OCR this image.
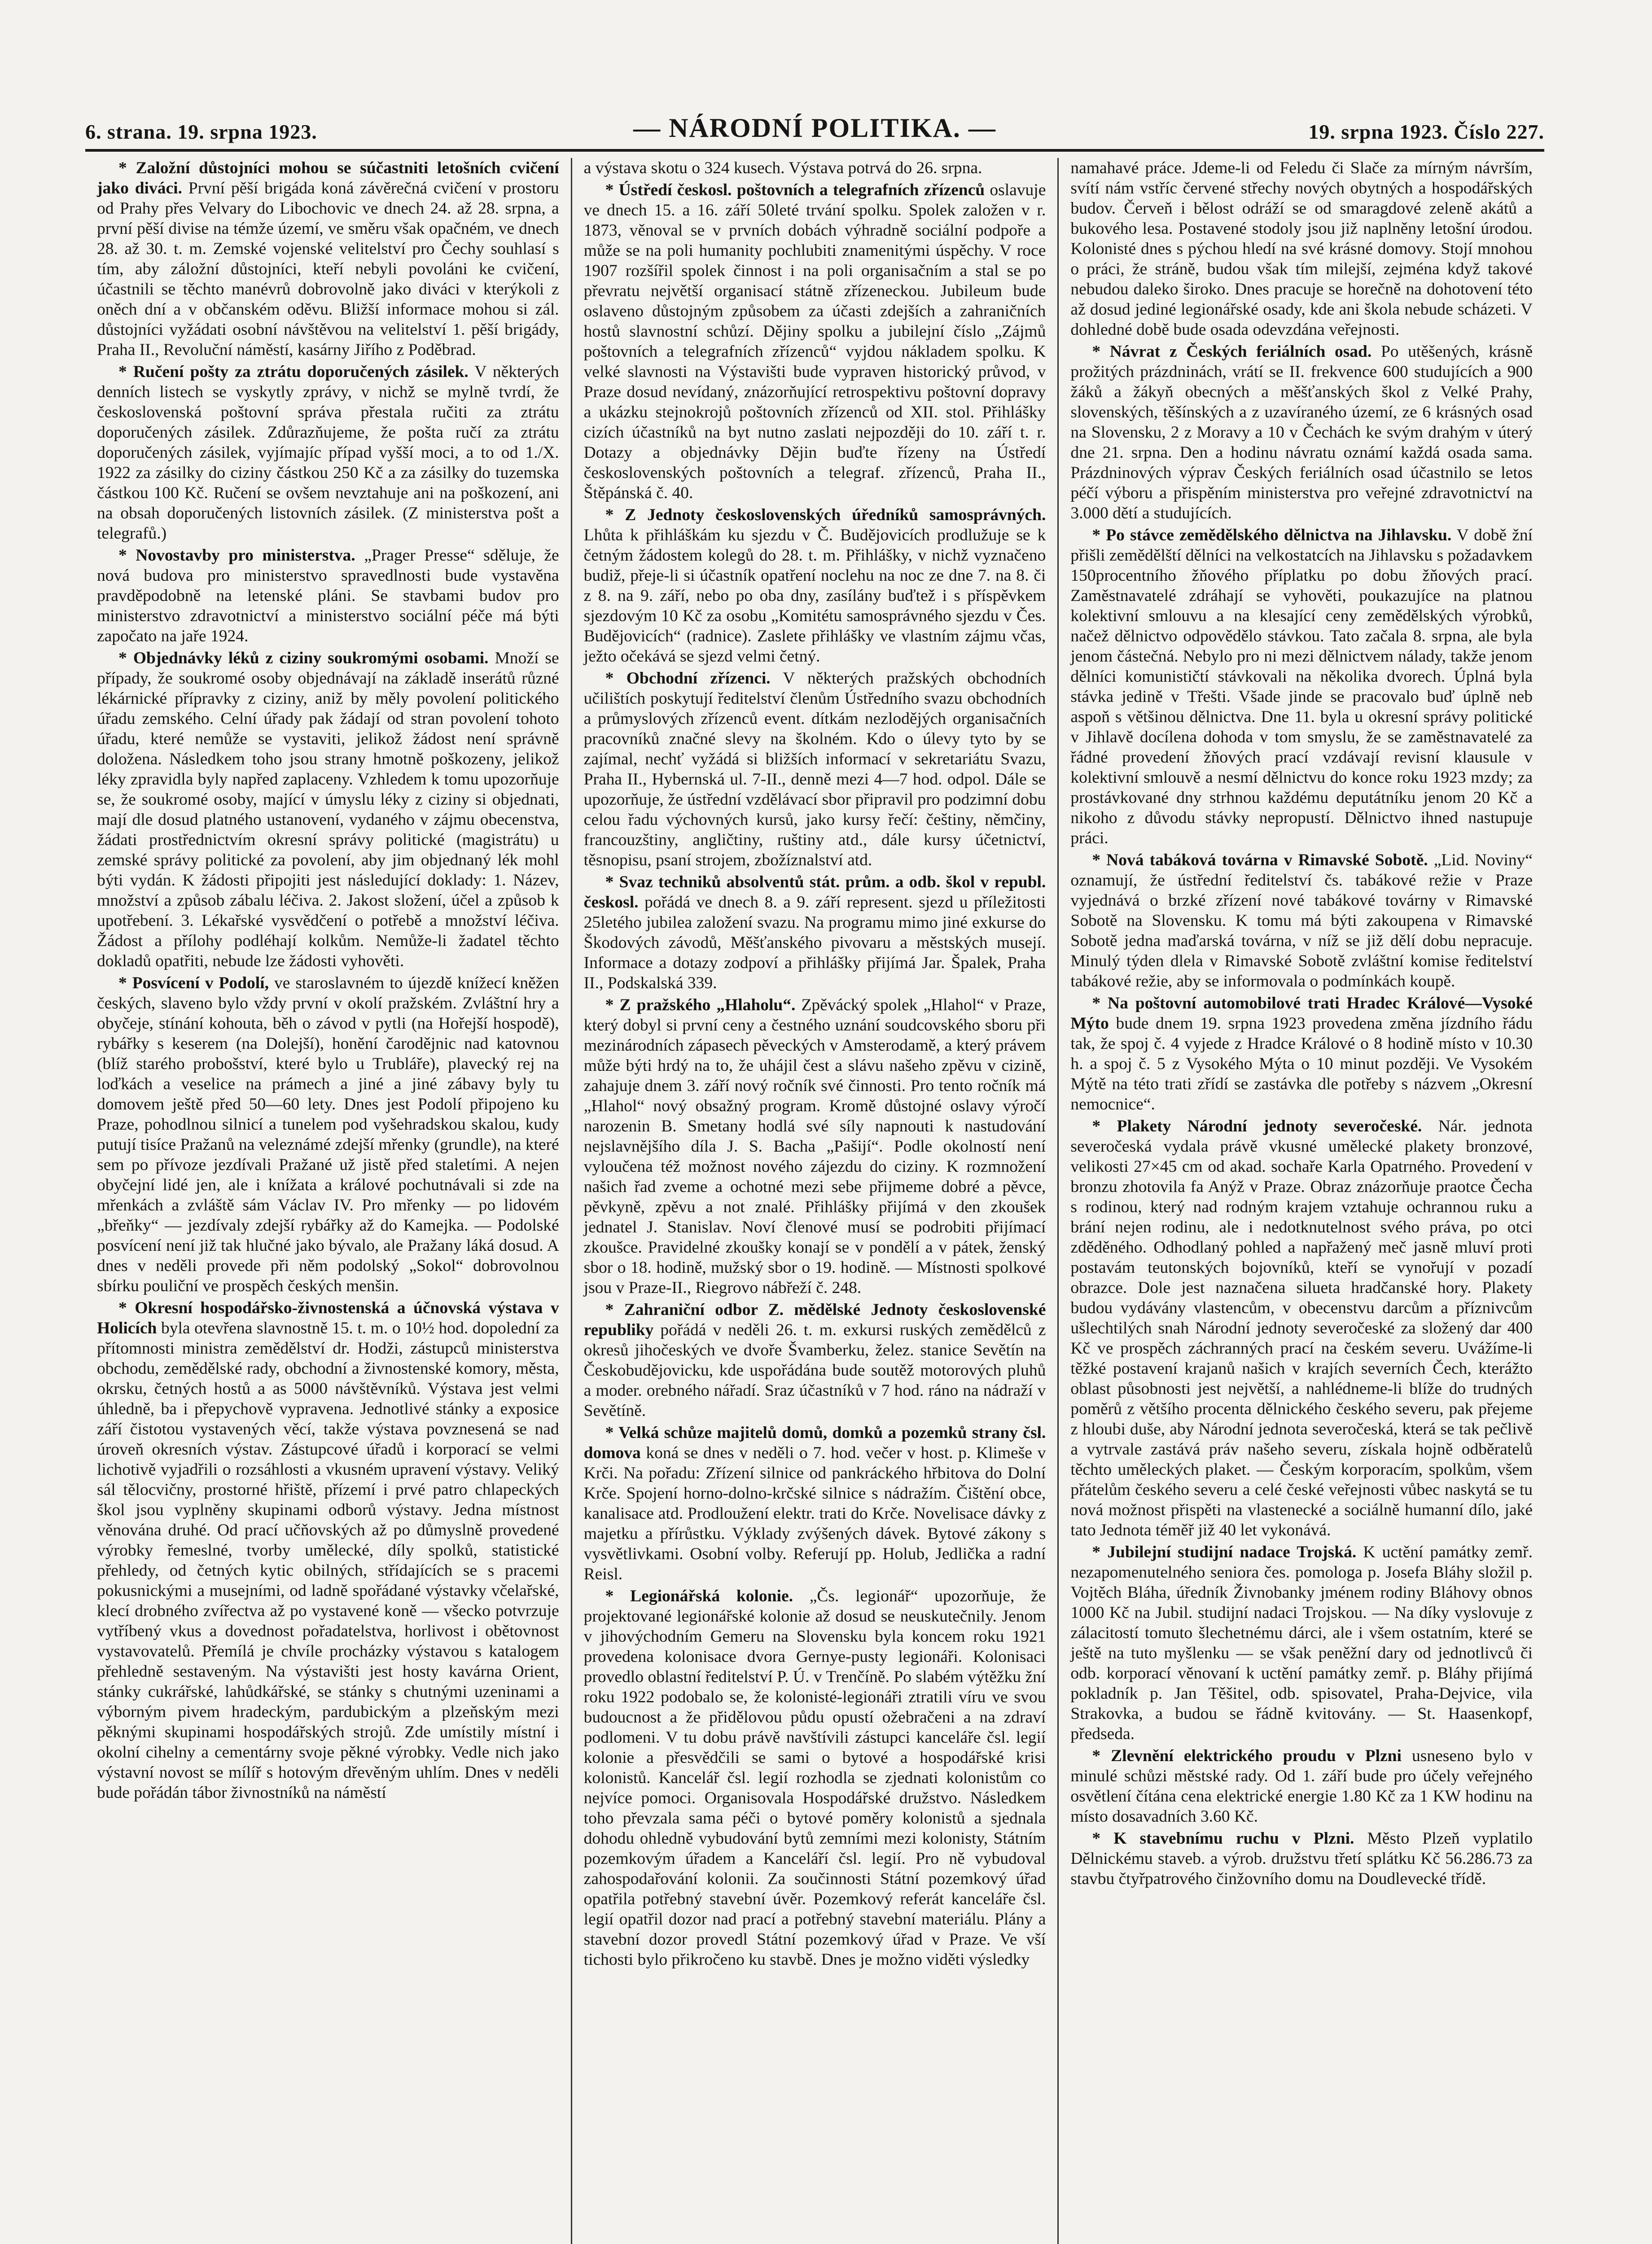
6. strana. 19. srpna 1923.	— NÁRODNÍ POLITIKA. —	19. srpna 1923. Číslo 227.

* Založní důstojníci mohou se súčastniti letošních cvičení jako diváci. První pěší brigáda koná závěrečná cvičení v prostoru od Prahy přes Velvary do Libochovic ve dnech 24. až 28. srpna, a první pěší divise na témže území, ve směru však opačném, ve dnech 28. až 30. t. m. Zemské vojenské velitelství pro Čechy souhlasí s tím, aby záložní důstojníci, kteří nebyli povoláni ke cvičení, účastnili se těchto manévrů dobrovolně jako diváci v kterýkoli z oněch dní a v občanském oděvu. Bližší informace mohou si zál. důstojníci vyžádati osobní návštěvou na velitelství 1. pěší brigády, Praha II., Revoluční náměstí, kasárny Jiřího z Poděbrad.

* Ručení pošty za ztrátu doporučených zásilek. V některých denních listech se vyskytly zprávy, v nichž se mylně tvrdí, že československá poštovní správa přestala ručiti za ztrátu doporučených zásilek. Zdůrazňujeme, že pošta ručí za ztrátu doporučených zásilek, vyjímajíc případ vyšší moci, a to od 1./X. 1922 za zásilky do ciziny částkou 250 Kč a za zásilky do tuzemska částkou 100 Kč. Ručení se ovšem nevztahuje ani na poškození, ani na obsah doporučených listovních zásilek. (Z ministerstva pošt a telegrafů.)

* Novostavby pro ministerstva. „Prager Presse“ sděluje, že nová budova pro ministerstvo spravedlnosti bude vystavěna pravděpodobně na letenské pláni. Se stavbami budov pro ministerstvo zdravotnictví a ministerstvo sociální péče má býti započato na jaře 1924.

* Objednávky léků z ciziny soukromými osobami. Množí se případy, že soukromé osoby objednávají na základě inserátů různé lékárnické přípravky z ciziny, aniž by měly povolení politického úřadu zemského. Celní úřady pak žádají od stran povolení tohoto úřadu, které nemůže se vystaviti, jelikož žádost není správně doložena. Následkem toho jsou strany hmotně poškozeny, jelikož léky zpravidla byly napřed zaplaceny. Vzhledem k tomu upozorňuje se, že soukromé osoby, mající v úmyslu léky z ciziny si objednati, mají dle dosud platného ustanovení, vydaného v zájmu obecenstva, žádati prostřednictvím okresní správy politické (magistrátu) u zemské správy politické za povolení, aby jim objednaný lék mohl býti vydán. K žádosti připojiti jest následující doklady: 1. Název, množství a způsob zábalu léčiva. 2. Jakost složení, účel a způsob k upotřebení. 3. Lékařské vysvědčení o potřebě a množství léčiva. Žádost a přílohy podléhají kolkům. Nemůže-li žadatel těchto dokladů opatřiti, nebude lze žádosti vyhověti.

* Posvícení v Podolí, ve staroslavném to újezdě knížecí kněžen českých, slaveno bylo vždy první v okolí pražském. Zvláštní hry a obyčeje, stínání kohouta, běh o závod v pytli (na Hořejší hospodě), rybářky s keserem (na Dolejší), honění čarodějnic nad katovnou (blíž starého probošství, které bylo u Trubláře), plavecký rej na loďkách a veselice na prámech a jiné a jiné zábavy byly tu domovem ještě před 50—60 lety. Dnes jest Podolí připojeno ku Praze, pohodlnou silnicí a tunelem pod vyšehradskou skalou, kudy putují tisíce Pražanů na veleznámé zdejší mřenky (grundle), na které sem po přívoze jezdívali Pražané už jistě před staletími. A nejen obyčejní lidé jen, ale i knížata a králové pochutnávali si zde na mřenkách a zvláště sám Václav IV. Pro mřenky — po lidovém „břeňky“ — jezdívaly zdejší rybářky až do Kamejka. — Podolské posvícení není již tak hlučné jako bývalo, ale Pražany láká dosud. A dnes v neděli provede při něm podolský „Sokol“ dobrovolnou sbírku pouliční ve prospěch českých menšin.

* Okresní hospodářsko-živnostenská a účnovská výstava v Holicích byla otevřena slavnostně 15. t. m. o 10½ hod. dopolední za přítomnosti ministra zemědělství dr. Hodži, zástupců ministerstva obchodu, zemědělské rady, obchodní a živnostenské komory, města, okrsku, četných hostů a as 5000 návštěvníků. Výstava jest velmi úhledně, ba i přepychově vypravena. Jednotlivé stánky a exposice září čistotou vystavených věcí, takže výstava povznesená se nad úroveň okresních výstav. Zástupcové úřadů i korporací se velmi lichotivě vyjadřili o rozsáhlosti a vkusném upravení výstavy. Veliký sál tělocvičny, prostorné hřiště, přízemí i prvé patro chlapeckých škol jsou vyplněny skupinami odborů výstavy. Jedna místnost věnována druhé. Od prací učňovských až po důmyslně provedené výrobky řemeslné, tvorby umělecké, díly spolků, statistické přehledy, od četných kytic obilných, střídajících se s pracemi pokusnickými a musejními, od ladně spořádané výstavky včelařské, klecí drobného zvířectva až po vystavené koně — všecko potvrzuje vytříbený vkus a dovednost pořadatelstva, horlivost i obětovnost vystavovatelů. Přemílá je chvíle procházky výstavou s katalogem přehledně sestaveným. Na výstavišti jest hosty kavárna Orient, stánky cukrářské, lahůdkářské, se stánky s chutnými uzeninami a výborným pivem hradeckým, pardubickým a plzeňským mezi pěknými skupinami hospodářských strojů. Zde umístily místní i okolní cihelny a cementárny svoje pěkné výrobky. Vedle nich jako výstavní novost se mílíř s hotovým dřevěným uhlím. Dnes v neděli bude pořádán tábor živnostníků na náměstí

a výstava skotu o 324 kusech. Výstava potrvá do 26. srpna.

* Ústředí českosl. poštovních a telegrafních zřízenců oslavuje ve dnech 15. a 16. září 50leté trvání spolku. Spolek založen v r. 1873, věnoval se v prvních dobách výhradně sociální podpoře a může se na poli humanity pochlubiti znamenitými úspěchy. V roce 1907 rozšířil spolek činnost i na poli organisačním a stal se po převratu největší organisací státně zřízeneckou. Jubileum bude oslaveno důstojným způsobem za účasti zdejších a zahraničních hostů slavnostní schůzí. Dějiny spolku a jubilejní číslo „Zájmů poštovních a telegrafních zřízenců“ vyjdou nákladem spolku. K velké slavnosti na Výstavišti bude vypraven historický průvod, v Praze dosud nevídaný, znázorňující retrospektivu poštovní dopravy a ukázku stejnokrojů poštovních zřízenců od XII. stol. Přihlášky cizích účastníků na byt nutno zaslati nejpozději do 10. září t. r. Dotazy a objednávky Dějin buďte řízeny na Ústředí československých poštovních a telegraf. zřízenců, Praha II., Štěpánská č. 40.

* Z Jednoty československých úředníků samosprávných. Lhůta k přihláškám ku sjezdu v Č. Budějovicích prodlužuje se k četným žádostem kolegů do 28. t. m. Přihlášky, v nichž vyznačeno budiž, přeje-li si účastník opatření noclehu na noc ze dne 7. na 8. či z 8. na 9. září, nebo po oba dny, zasílány buďtež i s příspěvkem sjezdovým 10 Kč za osobu „Komitétu samosprávného sjezdu v Čes. Budějovicích“ (radnice). Zaslete přihlášky ve vlastním zájmu včas, ježto očekává se sjezd velmi četný.

* Obchodní zřízenci. V některých pražských obchodních učilištích poskytují ředitelství členům Ústředního svazu obchodních a průmyslových zřízenců event. dítkám nezlodějých organisačních pracovníků značné slevy na školném. Kdo o úlevy tyto by se zajímal, nechť vyžádá si bližších informací v sekretariátu Svazu, Praha II., Hybernská ul. 7-II., denně mezi 4—7 hod. odpol. Dále se upozorňuje, že ústřední vzdělávací sbor připravil pro podzimní dobu celou řadu výchovných kursů, jako kursy řečí: češtiny, němčiny, francouzštiny, angličtiny, ruštiny atd., dále kursy účetnictví, těsnopisu, psaní strojem, zbožíznalství atd.

* Svaz techniků absolventů stát. prům. a odb. škol v republ. českosl. pořádá ve dnech 8. a 9. září represent. sjezd u příležitosti 25letého jubilea založení svazu. Na programu mimo jiné exkurse do Škodových závodů, Měšťanského pivovaru a městských musejí. Informace a dotazy zodpoví a přihlášky přijímá Jar. Špalek, Praha II., Podskalská 339.

* Z pražského „Hlaholu“. Zpěvácký spolek „Hlahol“ v Praze, který dobyl si první ceny a čestného uznání soudcovského sboru při mezinárodních zápasech pěveckých v Amsterodamě, a který právem může býti hrdý na to, že uhájil čest a slávu našeho zpěvu v cizině, zahajuje dnem 3. září nový ročník své činnosti. Pro tento ročník má „Hlahol“ nový obsažný program. Kromě důstojné oslavy výročí narozenin B. Smetany hodlá své síly napnouti k nastudování nejslavnějšího díla J. S. Bacha „Pašijí“. Podle okolností není vyloučena též možnost nového zájezdu do ciziny. K rozmnožení našich řad zveme a ochotné mezi sebe přijmeme dobré a pěvce, pěvkyně, zpěvu a not znalé. Přihlášky přijímá v den zkoušek jednatel J. Stanislav. Noví členové musí se podrobiti přijímací zkoušce. Pravidelné zkoušky konají se v pondělí a v pátek, ženský sbor o 18. hodině, mužský sbor o 19. hodině. — Místnosti spolkové jsou v Praze-II., Riegrovo nábřeží č. 248.

* Zahraniční odbor Z. mědělské Jednoty československé republiky pořádá v neděli 26. t. m. exkursi ruských zemědělců z okresů jihočeských ve dvoře Švamberku, želez. stanice Sevětín na Českobudějovicku, kde uspořádána bude soutěž motorových pluhů a moder. orebného nářadí. Sraz účastníků v 7 hod. ráno na nádraží v Sevětíně.

* Velká schůze majitelů domů, domků a pozemků strany čsl. domova koná se dnes v neděli o 7. hod. večer v host. p. Klimeše v Krči. Na pořadu: Zřízení silnice od pankráckého hřbitova do Dolní Krče. Spojení horno-dolno-krčské silnice s nádražím. Čištění obce, kanalisace atd. Prodloužení elektr. trati do Krče. Novelisace dávky z majetku a přírůstku. Výklady zvýšených dávek. Bytové zákony s vysvětlivkami. Osobní volby. Referují pp. Holub, Jedlička a radní Reisl.

* Legionářská kolonie. „Čs. legionář“ upozorňuje, že projektované legionářské kolonie až dosud se neuskutečnily. Jenom v jihovýchodním Gemeru na Slovensku byla koncem roku 1921 provedena kolonisace dvora Gernye-pusty legionáři. Kolonisaci provedlo oblastní ředitelství P. Ú. v Trenčíně. Po slabém výtěžku žní roku 1922 podobalo se, že kolonisté-legionáři ztratili víru ve svou budoucnost a že přidělovou půdu opustí ožebračeni a na zdraví podlomeni. V tu dobu právě navštívili zástupci kanceláře čsl. legií kolonie a přesvědčili se sami o bytové a hospodářské krisi kolonistů. Kancelář čsl. legií rozhodla se zjednati kolonistům co nejvíce pomoci. Organisovala Hospodářské družstvo. Následkem toho převzala sama péči o bytové poměry kolonistů a sjednala dohodu ohledně vybudování bytů zemními mezi kolonisty, Státním pozemkovým úřadem a Kanceláří čsl. legií. Pro ně vybudoval zahospodařování kolonii. Za součinnosti Státní pozemkový úřad opatřila potřebný stavební úvěr. Pozemkový referát kanceláře čsl. legií opatřil dozor nad prací a potřebný stavební materiálu. Plány a stavební dozor provedl Státní pozemkový úřad v Praze. Ve vší tichosti bylo přikročeno ku stavbě. Dnes je možno viděti výsledky

namahavé práce. Jdeme-li od Feledu či Slače za mírným návrším, svítí nám vstříc červené střechy nových obytných a hospodářských budov. Červeň i bělost odráží se od smaragdové zeleně akátů a bukového lesa. Postavené stodoly jsou již naplněny letošní úrodou. Kolonisté dnes s pýchou hledí na své krásné domovy. Stojí mnohou o práci, že stráně, budou však tím milejší, zejména když takové nebudou daleko široko. Dnes pracuje se horečně na dohotovení této až dosud jediné legionářské osady, kde ani škola nebude scházeti. V dohledné době bude osada odevzdána veřejnosti.

* Návrat z Českých feriálních osad. Po utěšených, krásně prožitých prázdninách, vrátí se II. frekvence 600 studujících a 900 žáků a žákyň obecných a měšťanských škol z Velké Prahy, slovenských, těšínských a z uzavíraného území, ze 6 krásných osad na Slovensku, 2 z Moravy a 10 v Čechách ke svým drahým v úterý dne 21. srpna. Den a hodinu návratu oznámí každá osada sama. Prázdninových výprav Českých feriálních osad účastnilo se letos péčí výboru a přispěním ministerstva pro veřejné zdravotnictví na 3.000 dětí a studujících.

* Po stávce zemědělského dělnictva na Jihlavsku. V době žní přišli zemědělští dělníci na velkostatcích na Jihlavsku s požadavkem 150procentního žňového příplatku po dobu žňových prací. Zaměstnavatelé zdráhají se vyhověti, poukazujíce na platnou kolektivní smlouvu a na klesající ceny zemědělských výrobků, načež dělnictvo odpovědělo stávkou. Tato začala 8. srpna, ale byla jenom částečná. Nebylo pro ni mezi dělnictvem nálady, takže jenom dělníci komunističtí stávkovali na několika dvorech. Úplná byla stávka jedině v Třešti. Všade jinde se pracovalo buď úplně neb aspoň s většinou dělnictva. Dne 11. byla u okresní správy politické v Jihlavě docílena dohoda v tom smyslu, že se zaměstnavatelé za řádné provedení žňových prací vzdávají revisní klausule v kolektivní smlouvě a nesmí dělnictvu do konce roku 1923 mzdy; za prostávkované dny strhnou každému deputátníku jenom 20 Kč a nikoho z důvodu stávky nepropustí. Dělnictvo ihned nastupuje práci.

* Nová tabáková továrna v Rimavské Sobotě. „Lid. Noviny“ oznamují, že ústřední ředitelství čs. tabákové režie v Praze vyjednává o brzké zřízení nové tabákové továrny v Rimavské Sobotě na Slovensku. K tomu má býti zakoupena v Rimavské Sobotě jedna maďarská továrna, v níž se již dělí dobu nepracuje. Minulý týden dlela v Rimavské Sobotě zvláštní komise ředitelství tabákové režie, aby se informovala o podmínkách koupě.

* Na poštovní automobilové trati Hradec Králové—Vysoké Mýto bude dnem 19. srpna 1923 provedena změna jízdního řádu tak, že spoj č. 4 vyjede z Hradce Králové o 8 hodině místo v 10.30 h. a spoj č. 5 z Vysokého Mýta o 10 minut později. Ve Vysokém Mýtě na této trati zřídí se zastávka dle potřeby s názvem „Okresní nemocnice“.

* Plakety Národní jednoty severočeské. Nár. jednota severočeská vydala právě vkusné umělecké plakety bronzové, velikosti 27×45 cm od akad. sochaře Karla Opatrného. Provedení v bronzu zhotovila fa Anýž v Praze. Obraz znázorňuje praotce Čecha s rodinou, který nad rodným krajem vztahuje ochrannou ruku a brání nejen rodinu, ale i nedotknutelnost svého práva, po otci zděděného. Odhodlaný pohled a napřažený meč jasně mluví proti postavám teutonských bojovníků, kteří se vynořují v pozadí obrazce. Dole jest naznačena silueta hradčanské hory. Plakety budou vydávány vlastencům, v obecenstvu darcům a příznivcům ušlechtilých snah Národní jednoty severočeské za složený dar 400 Kč ve prospěch záchranných prací na českém severu. Uvážíme-li těžké postavení krajanů našich v krajích severních Čech, kterážto oblast působnosti jest největší, a nahlédneme-li blíže do trudných poměrů z většího procenta dělnického českého severu, pak přejeme z hloubi duše, aby Národní jednota severočeská, která se tak pečlivě a vytrvale zastává práv našeho severu, získala hojně odběratelů těchto uměleckých plaket. — Českým korporacím, spolkům, všem přátelům českého severu a celé české veřejnosti vůbec naskytá se tu nová možnost přispěti na vlastenecké a sociálně humanní dílo, jaké tato Jednota téměř již 40 let vykonává.

* Jubilejní studijní nadace Trojská. K uctění památky zemř. nezapomenutelného seniora čes. pomologa p. Josefa Bláhy složil p. Vojtěch Bláha, úředník Živnobanky jménem rodiny Bláhovy obnos 1000 Kč na Jubil. studijní nadaci Trojskou. — Na díky vyslovuje z zálacitostí tomuto šlechetnému dárci, ale i všem ostatním, které se ještě na tuto myšlenku — se však peněžní dary od jednotlivců či odb. korporací věnovaní k uctění památky zemř. p. Bláhy přijímá pokladník p. Jan Těšitel, odb. spisovatel, Praha-Dejvice, vila Strakovka, a budou se řádně kvitovány. — St. Haasenkopf, předseda.

* Zlevnění elektrického proudu v Plzni usneseno bylo v minulé schůzi městské rady. Od 1. září bude pro účely veřejného osvětlení čítána cena elektrické energie 1.80 Kč za 1 KW hodinu na místo dosavadních 3.60 Kč.

* K stavebnímu ruchu v Plzni. Město Plzeň vyplatilo Dělnickému staveb. a výrob. družstvu třetí splátku Kč 56.286.73 za stavbu čtyřpatrového činžovního domu na Doudlevecké třídě.
